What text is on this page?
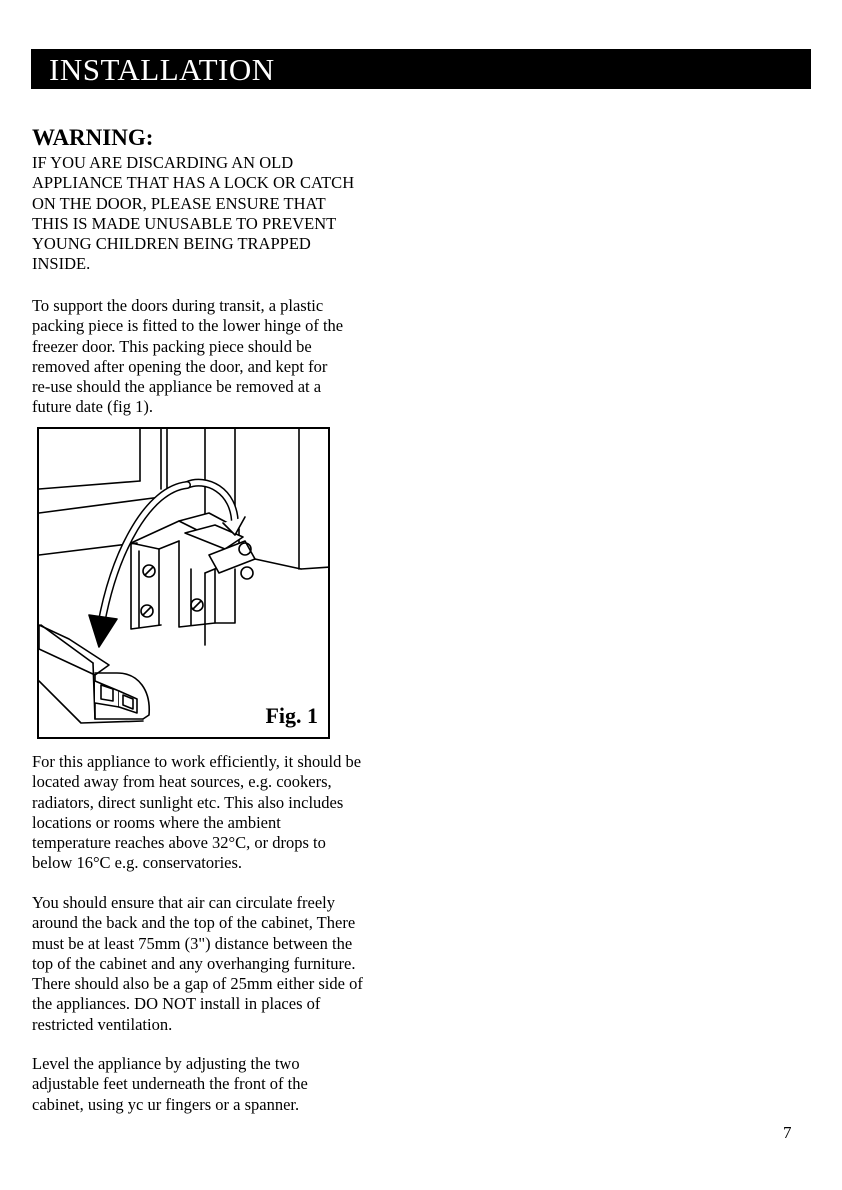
INSTALLATION
WARNING:
IF YOU ARE DISCARDING AN OLD
APPLIANCE THAT HAS A LOCK OR CATCH
ON THE DOOR, PLEASE ENSURE THAT
THIS IS MADE UNUSABLE TO PREVENT
YOUNG CHILDREN BEING TRAPPED
INSIDE.
To support the doors during transit, a plastic
packing piece is fitted to the lower hinge of the
freezer door. This packing piece should be
removed after opening the door, and kept for
re-use should the appliance be removed at a
future date (fig 1).
Fig. 1
For this appliance to work efficiently, it should be
located away from heat sources, e.g. cookers,
radiators, direct sunlight etc. This also includes
locations or rooms where the ambient
temperature reaches above 32°C, or drops to
below 16°C e.g. conservatories.
You should ensure that air can circulate freely
around the back and the top of the cabinet, There
must be at least 75mm (3") distance between the
top of the cabinet and any overhanging furniture.
There should also be a gap of 25mm either side of
the appliances. DO NOT install in places of
restricted ventilation.
Level the appliance by adjusting the two
adjustable feet underneath the front of the
cabinet, using yc ur fingers or a spanner.
7
